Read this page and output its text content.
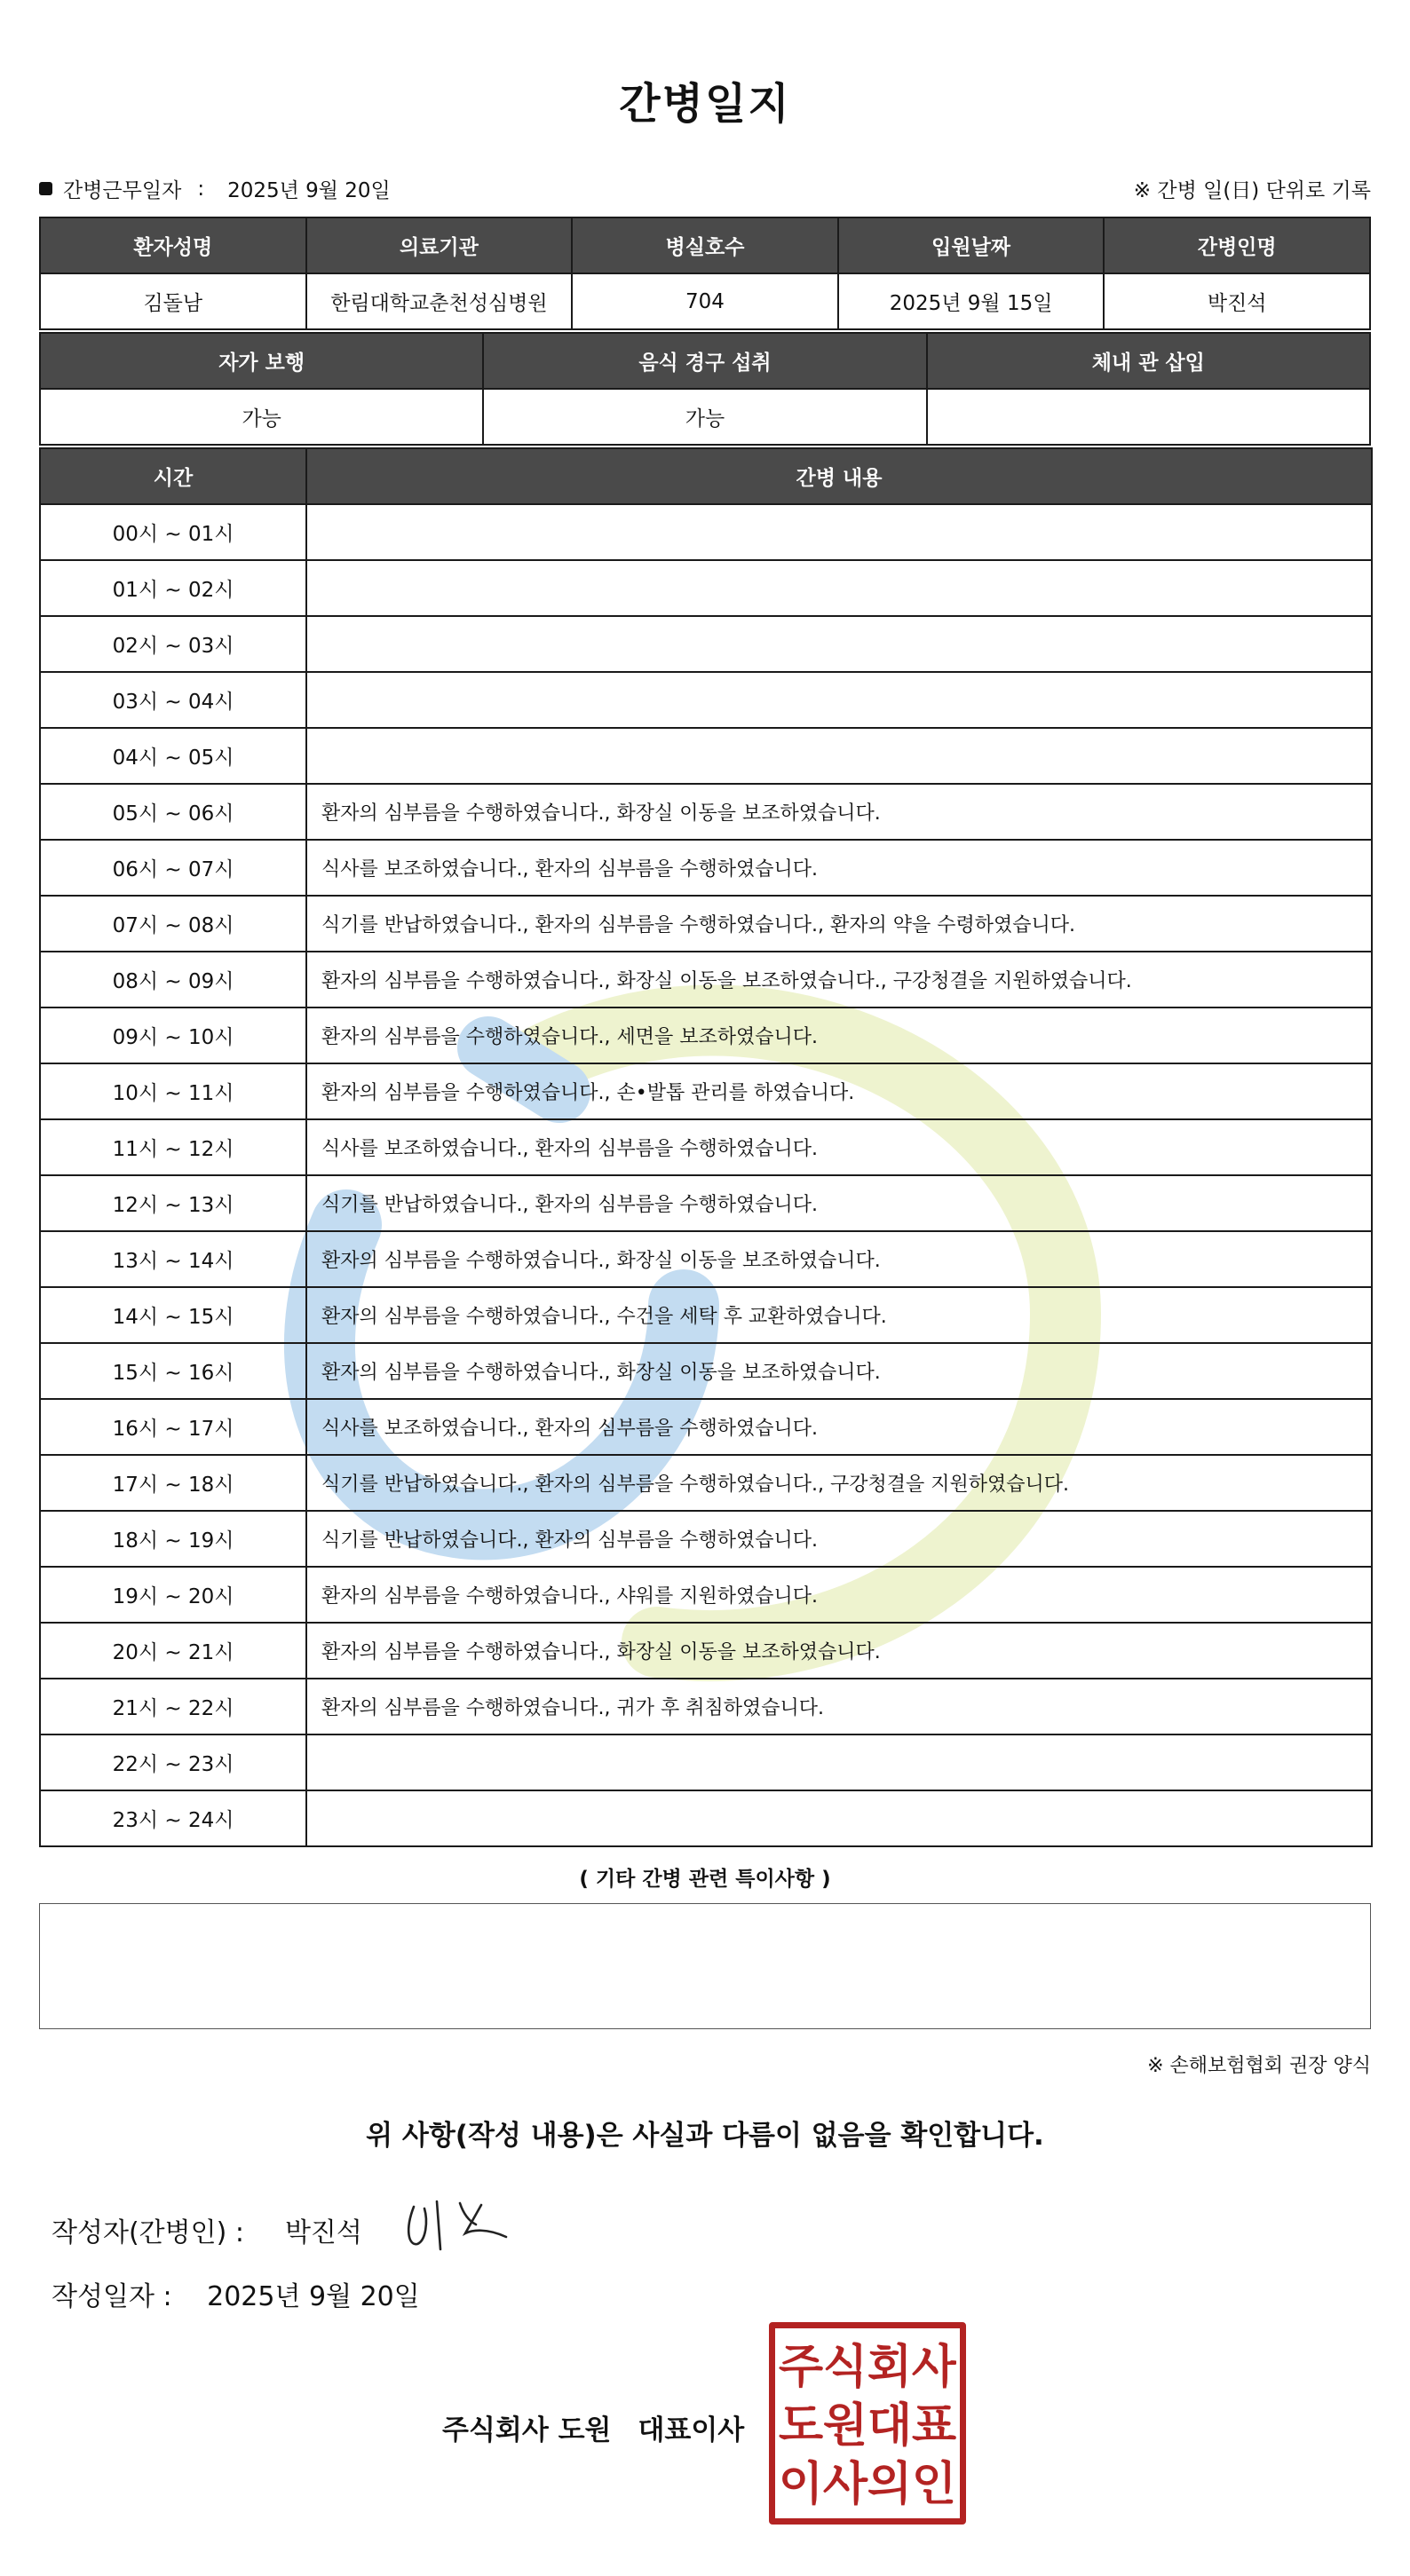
간병일지
간병근무일자 : 2025년 9월 20일	※ 간병 일(日) 단위로 기록
환자성명	의료기관	병실호수	입원날짜	간병인명
김돌남	한림대학교춘천성심병원	704	2025년 9월 15일	박진석
자가 보행	음식 경구 섭취	체내 관 삽입
가능	가능	
시간	간병 내용
00시 ~ 01시	
01시 ~ 02시	
02시 ~ 03시	
03시 ~ 04시	
04시 ~ 05시	
05시 ~ 06시	환자의 심부름을 수행하였습니다., 화장실 이동을 보조하였습니다.
06시 ~ 07시	식사를 보조하였습니다., 환자의 심부름을 수행하였습니다.
07시 ~ 08시	식기를 반납하였습니다., 환자의 심부름을 수행하였습니다., 환자의 약을 수령하였습니다.
08시 ~ 09시	환자의 심부름을 수행하였습니다., 화장실 이동을 보조하였습니다., 구강청결을 지원하였습니다.
09시 ~ 10시	환자의 심부름을 수행하였습니다., 세면을 보조하였습니다.
10시 ~ 11시	환자의 심부름을 수행하였습니다., 손•발톱 관리를 하였습니다.
11시 ~ 12시	식사를 보조하였습니다., 환자의 심부름을 수행하였습니다.
12시 ~ 13시	식기를 반납하였습니다., 환자의 심부름을 수행하였습니다.
13시 ~ 14시	환자의 심부름을 수행하였습니다., 화장실 이동을 보조하였습니다.
14시 ~ 15시	환자의 심부름을 수행하였습니다., 수건을 세탁 후 교환하였습니다.
15시 ~ 16시	환자의 심부름을 수행하였습니다., 화장실 이동을 보조하였습니다.
16시 ~ 17시	식사를 보조하였습니다., 환자의 심부름을 수행하였습니다.
17시 ~ 18시	식기를 반납하였습니다., 환자의 심부름을 수행하였습니다., 구강청결을 지원하였습니다.
18시 ~ 19시	식기를 반납하였습니다., 환자의 심부름을 수행하였습니다.
19시 ~ 20시	환자의 심부름을 수행하였습니다., 샤워를 지원하였습니다.
20시 ~ 21시	환자의 심부름을 수행하였습니다., 화장실 이동을 보조하였습니다.
21시 ~ 22시	환자의 심부름을 수행하였습니다., 귀가 후 취침하였습니다.
22시 ~ 23시	
23시 ~ 24시	
( 기타 간병 관련 특이사항 )
※ 손해보험협회 권장 양식
위 사항(작성 내용)은 사실과 다름이 없음을 확인합니다.
작성자(간병인) : 박진석
작성일자 : 2025년 9월 20일
주식회사 도원 대표이사
주 식 회 사
도 원 대 표
이 사 의 인
